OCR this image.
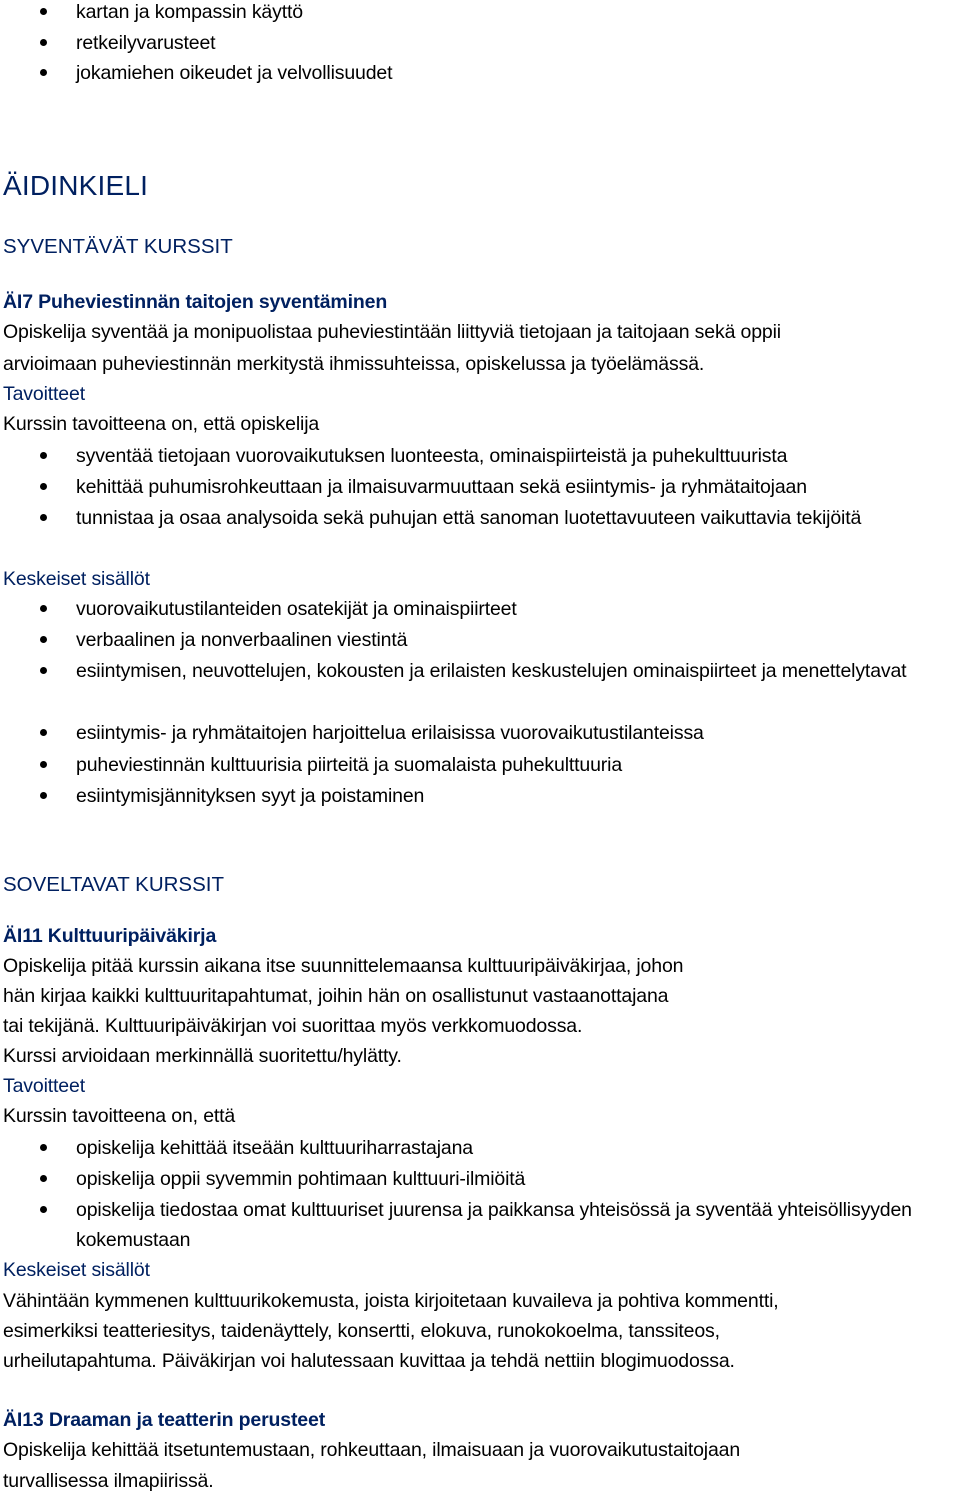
kartan ja kompassin käyttö
retkeilyvarusteet
jokamiehen oikeudet ja velvollisuudet
ÄIDINKIELI
SYVENTÄVÄT KURSSIT
ÄI7 Puheviestinnän taitojen syventäminen
Opiskelija syventää ja monipuolistaa puheviestintään liittyviä tietojaan ja taitojaan sekä oppii
arvioimaan puheviestinnän merkitystä ihmissuhteissa, opiskelussa ja työelämässä.
Tavoitteet
Kurssin tavoitteena on, että opiskelija
syventää tietojaan vuorovaikutuksen luonteesta, ominaispiirteistä ja puhekulttuurista
kehittää puhumisrohkeuttaan ja ilmaisuvarmuuttaan sekä esiintymis- ja ryhmätaitojaan
tunnistaa ja osaa analysoida sekä puhujan että sanoman luotettavuuteen vaikuttavia tekijöitä
Keskeiset sisällöt
vuorovaikutustilanteiden osatekijät ja ominaispiirteet
verbaalinen ja nonverbaalinen viestintä
esiintymisen, neuvottelujen, kokousten ja erilaisten keskustelujen ominaispiirteet ja menettelytavat
esiintymis- ja ryhmätaitojen harjoittelua erilaisissa vuorovaikutustilanteissa
puheviestinnän kulttuurisia piirteitä ja suomalaista puhekulttuuria
esiintymisjännityksen syyt ja poistaminen
SOVELTAVAT KURSSIT
ÄI11 Kulttuuripäiväkirja
Opiskelija pitää kurssin aikana itse suunnittelemaansa kulttuuripäiväkirjaa, johon
hän kirjaa kaikki kulttuuritapahtumat, joihin hän on osallistunut vastaanottajana
tai tekijänä. Kulttuuripäiväkirjan voi suorittaa myös verkkomuodossa.
Kurssi arvioidaan merkinnällä suoritettu/hylätty.
Tavoitteet
Kurssin tavoitteena on, että
opiskelija kehittää itseään kulttuuriharrastajana
opiskelija oppii syvemmin pohtimaan kulttuuri-ilmiöitä
opiskelija tiedostaa omat kulttuuriset juurensa ja paikkansa yhteisössä ja syventää yhteisöllisyyden kokemustaan
Keskeiset sisällöt
Vähintään kymmenen kulttuurikokemusta, joista kirjoitetaan kuvaileva ja pohtiva kommentti,
esimerkiksi teatteriesitys, taidenäyttely, konsertti, elokuva, runokokoelma, tanssiteos,
urheilutapahtuma. Päiväkirjan voi halutessaan kuvittaa ja tehdä nettiin blogimuodossa.
ÄI13 Draaman ja teatterin perusteet
Opiskelija kehittää itsetuntemustaan, rohkeuttaan, ilmaisuaan ja vuorovaikutustaitojaan
turvallisessa ilmapiirissä.
